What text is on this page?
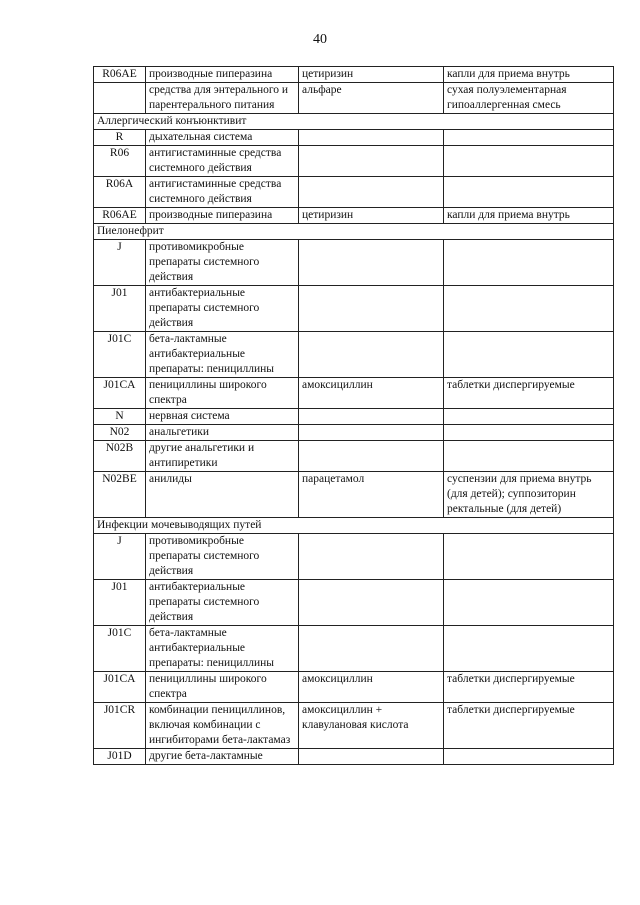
40
R06AE	производные пиперазина	цетиризин	капли для приема внутрь
	средства для энтерального и парентерального питания	альфаре	сухая полуэлементарная гипоаллергенная смесь
Аллергический конъюнктивит			
R	дыхательная система		
R06	антигистаминные средства системного действия		
R06A	антигистаминные средства системного действия		
R06AE	производные пиперазина	цетиризин	капли для приема внутрь
Пиелонефрит			
J	противомикробные препараты системного действия		
J01	антибактериальные препараты системного действия		
J01C	бета-лактамные антибактериальные препараты: пенициллины		
J01CA	пенициллины широкого спектра	амоксициллин	таблетки диспергируемые
N	нервная система		
N02	анальгетики		
N02B	другие анальгетики и антипиретики		
N02BE	анилиды	парацетамол	суспензии для приема внутрь (для детей); суппозиторин ректальные (для детей)
Инфекции мочевыводящих путей			
J	противомикробные препараты системного действия		
J01	антибактериальные препараты системного действия		
J01C	бета-лактамные антибактериальные препараты: пенициллины		
J01CA	пенициллины широкого спектра	амоксициллин	таблетки диспергируемые
J01CR	комбинации пенициллинов, включая комбинации с ингибиторами бета-лактамаз	амоксициллин + клавулановая кислота	таблетки диспергируемые
J01D	другие бета-лактамные		
